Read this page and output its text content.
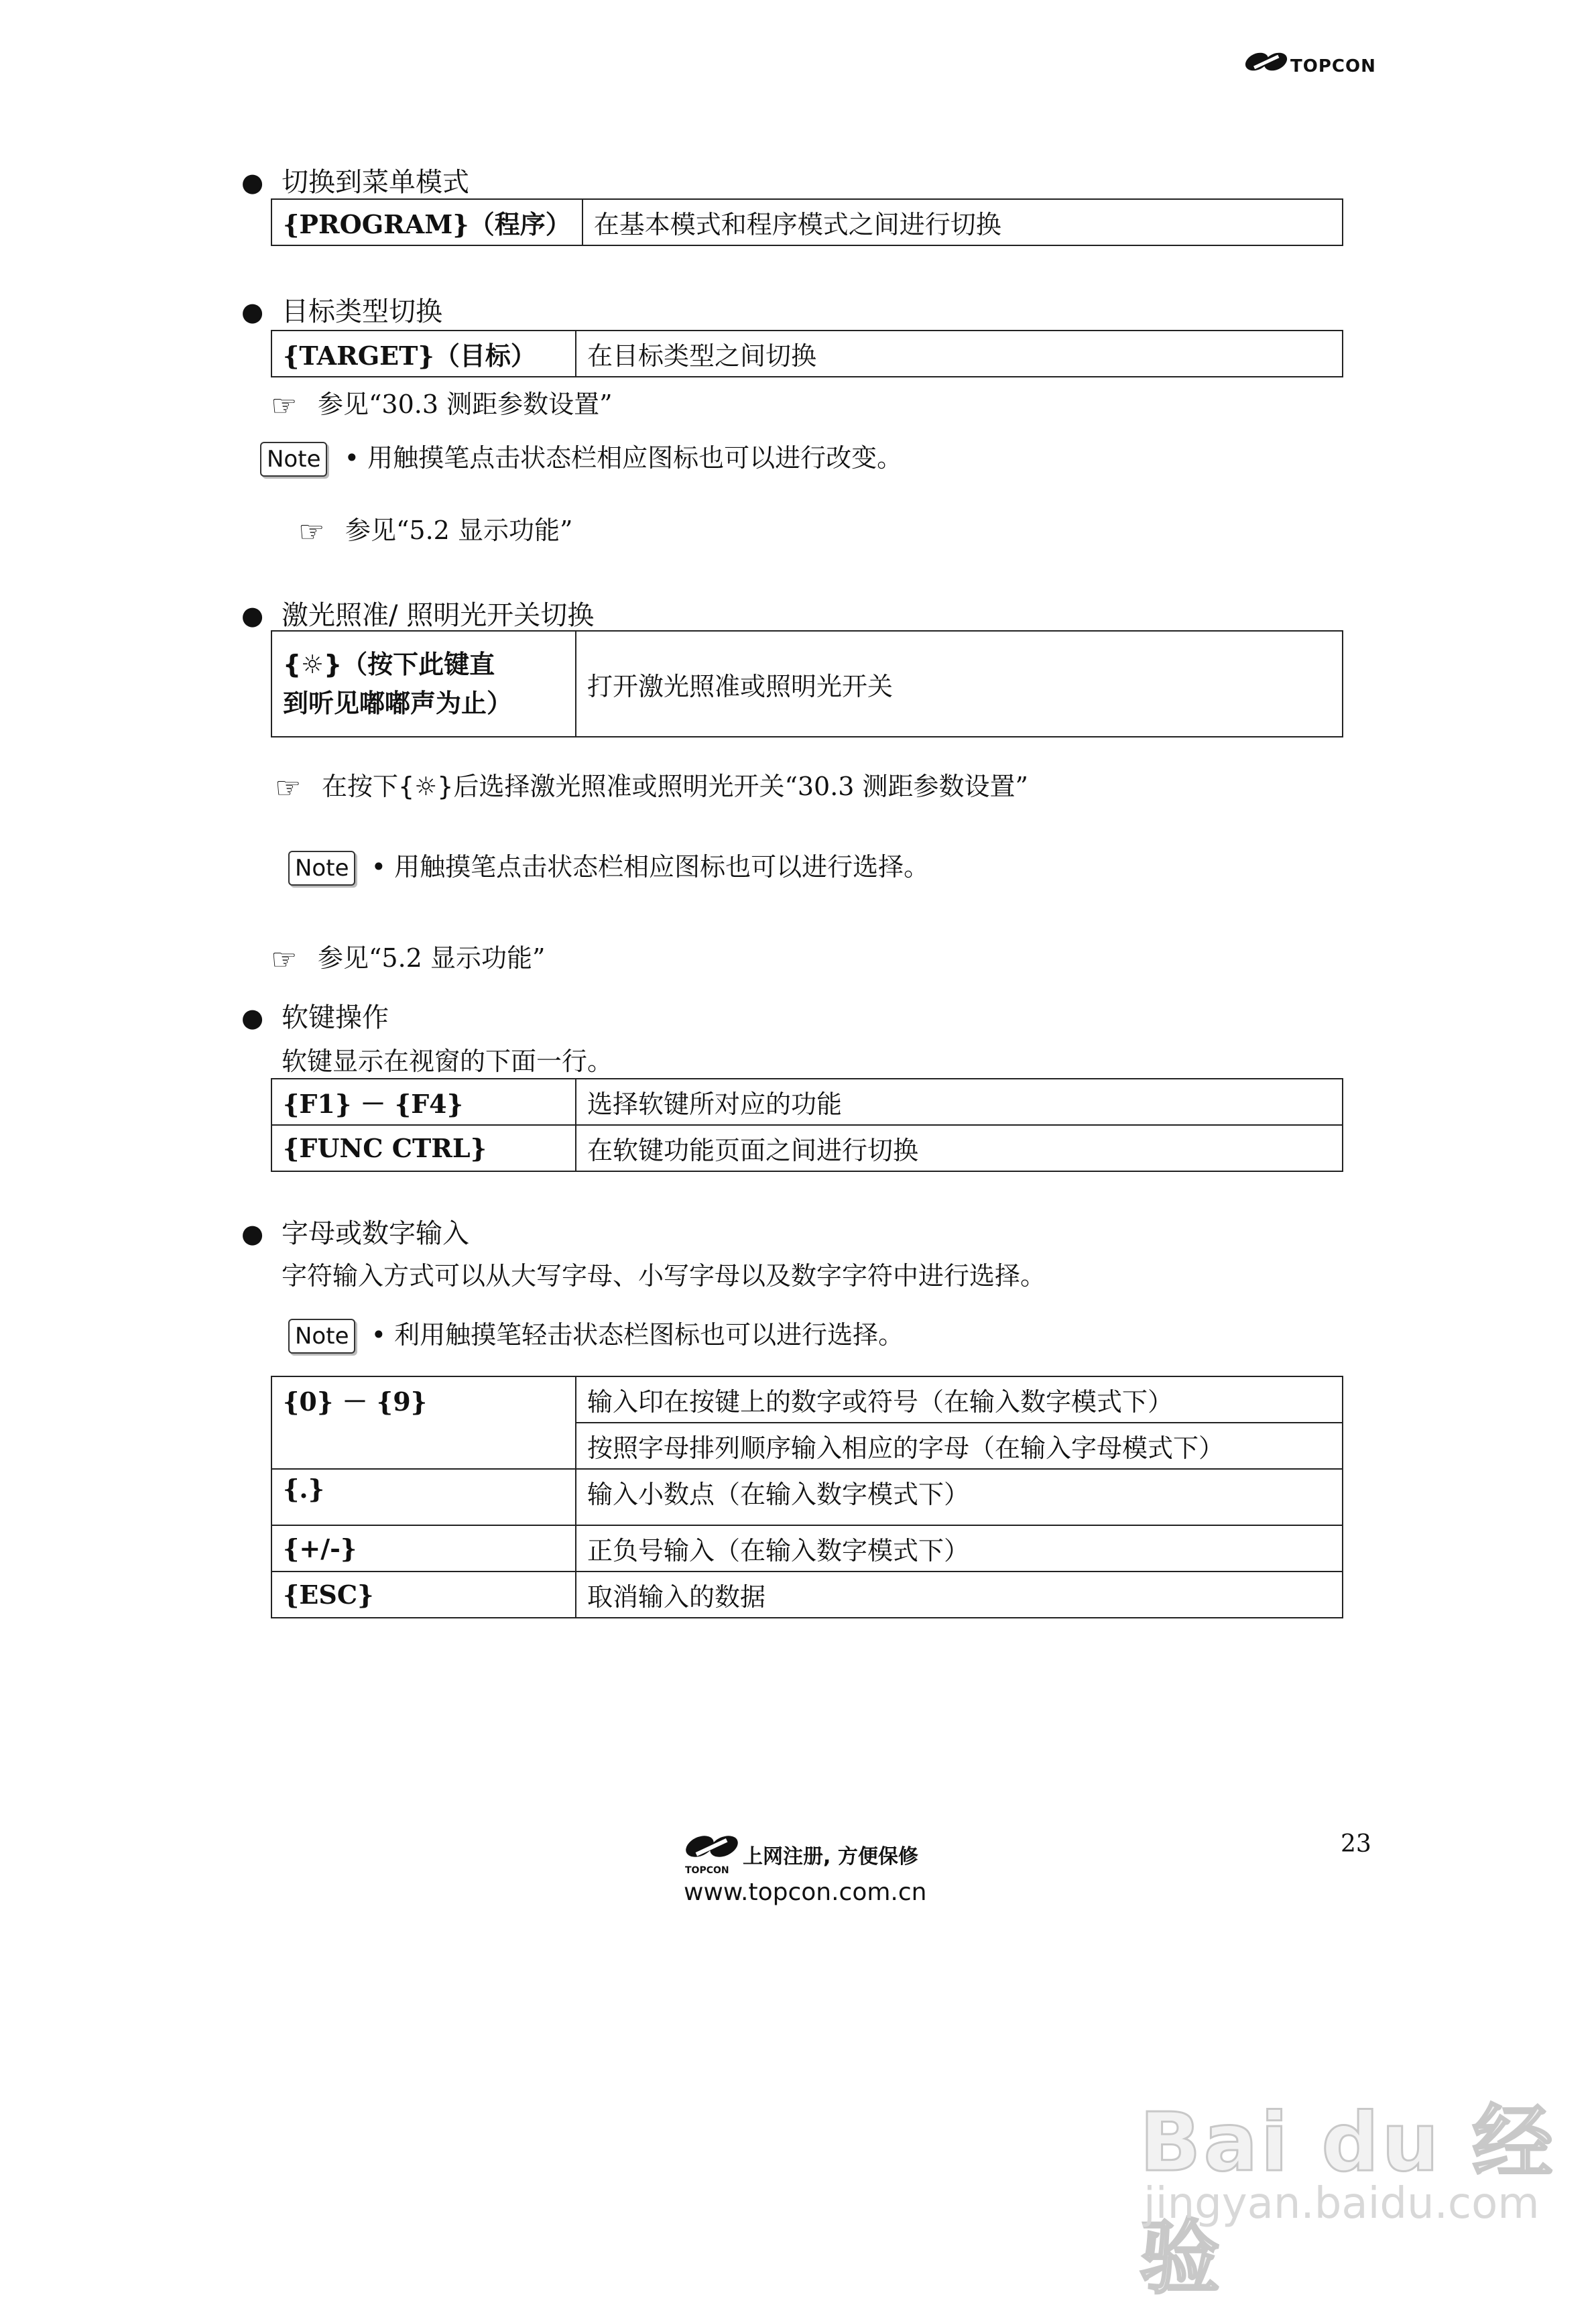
TOPCON
● 切换到菜单模式
{PROGRAM}（程序）	在基本模式和程序模式之间进行切换
● 目标类型切换
{TARGET}（目标）	在目标类型之间切换
☞ 参见“30.3 测距参数设置”
Note • 用触摸笔点击状态栏相应图标也可以进行改变。
☞ 参见“5.2 显示功能”
● 激光照准/ 照明光开关切换
{☼}（按下此键直
到听见嘟嘟声为止）	打开激光照准或照明光开关
☞ 在按下{☼}后选择激光照准或照明光开关“30.3 测距参数设置”
Note • 用触摸笔点击状态栏相应图标也可以进行选择。
☞ 参见“5.2 显示功能”
● 软键操作
软键显示在视窗的下面一行。
{F1} － {F4}	选择软键所对应的功能
{FUNC CTRL}	在软键功能页面之间进行切换
● 字母或数字输入
字符输入方式可以从大写字母、小写字母以及数字字符中进行选择。
Note • 利用触摸笔轻击状态栏图标也可以进行选择。
{0} － {9}	输入印在按键上的数字或符号（在输入数字模式下）
	按照字母排列顺序输入相应的字母（在输入字母模式下）
{.}	输入小数点（在输入数字模式下）
{+/-}	正负号输入（在输入数字模式下）
{ESC}	取消输入的数据
23
TOPCON
上网注册, 方便保修
www.topcon.com.cn
Bai du 经验
jingyan.baidu.com
